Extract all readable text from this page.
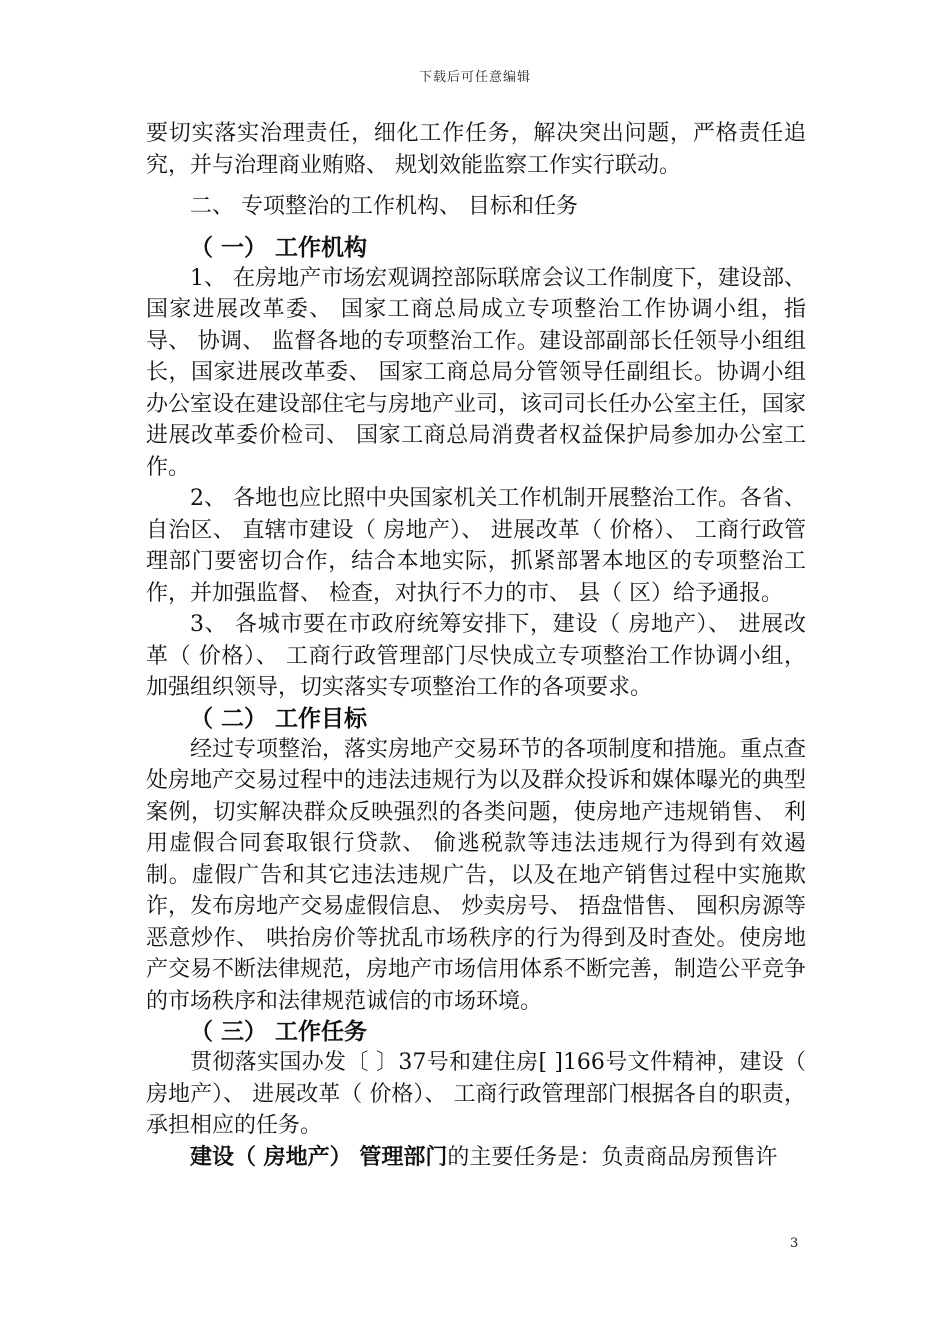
下载后可任意编辑

要切实落实治理责任，细化工作任务，解决突出问题，严格责任追究，并与治理商业贿赂、 规划效能监察工作实行联动。

二、 专项整治的工作机构、 目标和任务

（ 一） 工作机构

1、 在房地产市场宏观调控部际联席会议工作制度下，建设部、 国家进展改革委、 国家工商总局成立专项整治工作协调小组，指导、 协调、 监督各地的专项整治工作。建设部副部长任领导小组组长，国家进展改革委、 国家工商总局分管领导任副组长。协调小组办公室设在建设部住宅与房地产业司，该司司长任办公室主任，国家进展改革委价检司、 国家工商总局消费者权益保护局参加办公室工作。

2、 各地也应比照中央国家机关工作机制开展整治工作。各省、 自治区、 直辖市建设（ 房地产）、 进展改革（ 价格）、 工商行政管理部门要密切合作，结合本地实际，抓紧部署本地区的专项整治工作，并加强监督、 检查，对执行不力的市、 县（ 区）给予通报。

3、 各城市要在市政府统筹安排下，建设（ 房地产）、 进展改革（ 价格）、 工商行政管理部门尽快成立专项整治工作协调小组，加强组织领导，切实落实专项整治工作的各项要求。

（ 二） 工作目标

经过专项整治，落实房地产交易环节的各项制度和措施。重点查处房地产交易过程中的违法违规行为以及群众投诉和媒体曝光的典型案例，切实解决群众反映强烈的各类问题，使房地产违规销售、 利用虚假合同套取银行贷款、 偷逃税款等违法违规行为得到有效遏制。虚假广告和其它违法违规广告，以及在地产销售过程中实施欺诈，发布房地产交易虚假信息、 炒卖房号、 捂盘惜售、 囤积房源等恶意炒作、 哄抬房价等扰乱市场秩序的行为得到及时查处。使房地产交易不断法律规范，房地产市场信用体系不断完善，制造公平竞争的市场秩序和法律规范诚信的市场环境。

（ 三） 工作任务

贯彻落实国办发〔 〕37号和建住房[ ]166号文件精神，建设（ 房地产）、 进展改革（ 价格）、 工商行政管理部门根据各自的职责，承担相应的任务。

建设（ 房地产） 管理部门的主要任务是：负责商品房预售许

3
